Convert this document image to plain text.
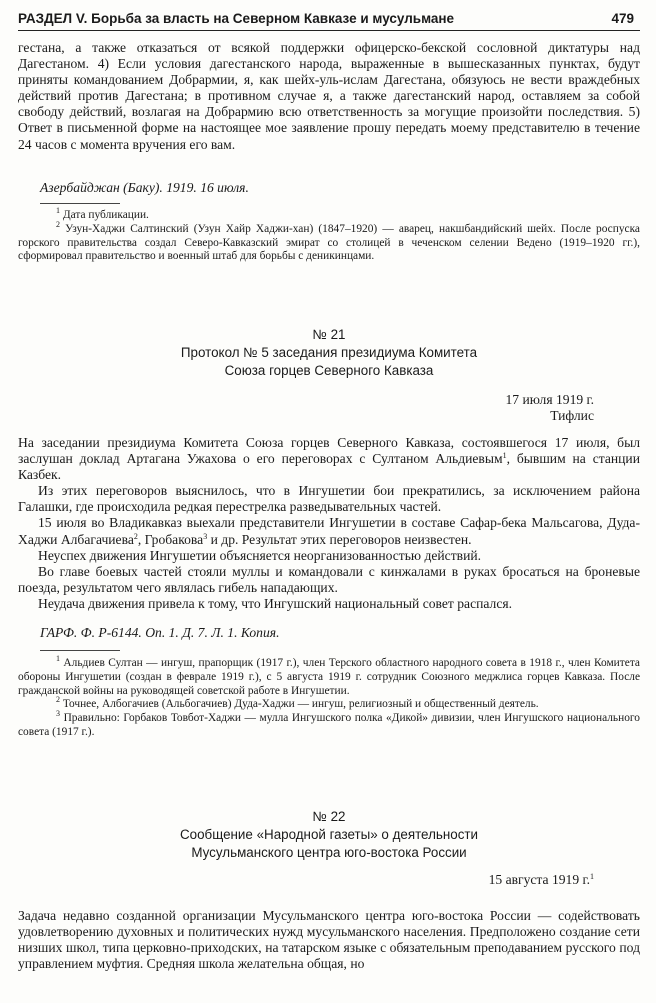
РАЗДЕЛ V. Борьба за власть на Северном Кавказе и мусульмане	479

гестана, а также отказаться от всякой поддержки офицерско-бекской сословной диктатуры над Дагестаном. 4) Если условия дагестанского народа, выраженные в вышесказанных пунктах, будут приняты командованием Добрармии, я, как шейх-уль-ислам Дагестана, обязуюсь не вести враждебных действий против Дагестана; в противном случае я, а также дагестанский народ, оставляем за собой свободу действий, возлагая на Добрармию всю ответственность за могущие произойти последствия. 5) Ответ в письменной форме на настоящее мое заявление прошу передать моему представителю в течение 24 часов с момента вручения его вам.

Азербайджан (Баку). 1919. 16 июля.

$^1$ Дата публикации.

$^2$ Узун-Хаджи Салтинский (Узун Хайр Хаджи-хан) (1847–1920) — аварец, накшбандийский шейх. После роспуска горского правительства создал Северо-Кавказский эмират со столицей в чеченском селении Ведено (1919–1920 гг.), сформировал правительство и военный штаб для борьбы с деникинцами.

№ 21
Протокол № 5 заседания президиума Комитета
Союза горцев Северного Кавказа
17 июля 1919 г.
Тифлис

На заседании президиума Комитета Союза горцев Северного Кавказа, состоявшегося 17 июля, был заслушан доклад Артагана Ужахова о его переговорах с Султаном Альдиевым$^1$, бывшим на станции Казбек.

Из этих переговоров выяснилось, что в Ингушетии бои прекратились, за исключением района Галашки, где происходила редкая перестрелка разведывательных частей.

15 июля во Владикавказ выехали представители Ингушетии в составе Сафар-бека Мальсагова, Дуда-Хаджи Албагачиева$^2$, Гробакова$^3$ и др. Результат этих переговоров неизвестен.

Неуспех движения Ингушетии объясняется неорганизованностью действий.

Во главе боевых частей стояли муллы и командовали с кинжалами в руках бросаться на броневые поезда, результатом чего являлась гибель нападающих.

Неудача движения привела к тому, что Ингушский национальный совет распался.

ГАРФ. Ф. Р-6144. Оп. 1. Д. 7. Л. 1. Копия.

$^1$ Альдиев Султан — ингуш, прапорщик (1917 г.), член Терского областного народного совета в 1918 г., член Комитета обороны Ингушетии (создан в феврале 1919 г.), с 5 августа 1919 г. сотрудник Союзного меджлиса горцев Кавказа. После гражданской войны на руководящей советской работе в Ингушетии.

$^2$ Точнее, Албогачиев (Альбогачиев) Дуда-Хаджи — ингуш, религиозный и общественный деятель.

$^3$ Правильно: Горбаков Товбот-Хаджи — мулла Ингушского полка «Дикой» дивизии, член Ингушского национального совета (1917 г.).

№ 22
Сообщение «Народной газеты» о деятельности
Мусульманского центра юго-востока России
15 августа 1919 г.$^1$

Задача недавно созданной организации Мусульманского центра юго-востока России — содействовать удовлетворению духовных и политических нужд мусульманского населения. Предположено создание сети низших школ, типа церковно-приходских, на татарском языке с обязательным преподаванием русского под управлением муфтия. Средняя школа желательна общая, но
